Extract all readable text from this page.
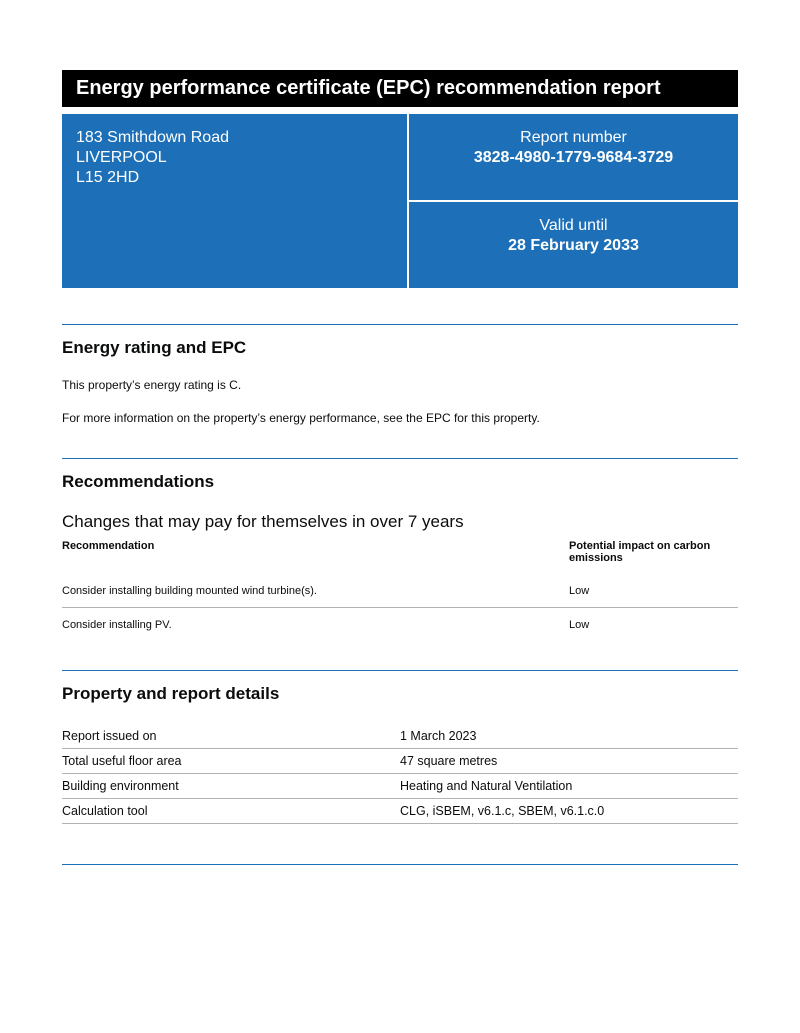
Energy performance certificate (EPC) recommendation report
183 Smithdown Road
LIVERPOOL
L15 2HD
Report number
3828-4980-1779-9684-3729
Valid until
28 February 2033
Energy rating and EPC

This property’s energy rating is C.

For more information on the property’s energy performance, see the EPC for this property.

Recommendations

Changes that may pay for themselves in over 7 years

Recommendation	Potential impact on carbon emissions
Consider installing building mounted wind turbine(s).	Low
Consider installing PV.	Low
Property and report details
Report issued on	1 March 2023
Total useful floor area	47 square metres
Building environment	Heating and Natural Ventilation
Calculation tool	CLG, iSBEM, v6.1.c, SBEM, v6.1.c.0
